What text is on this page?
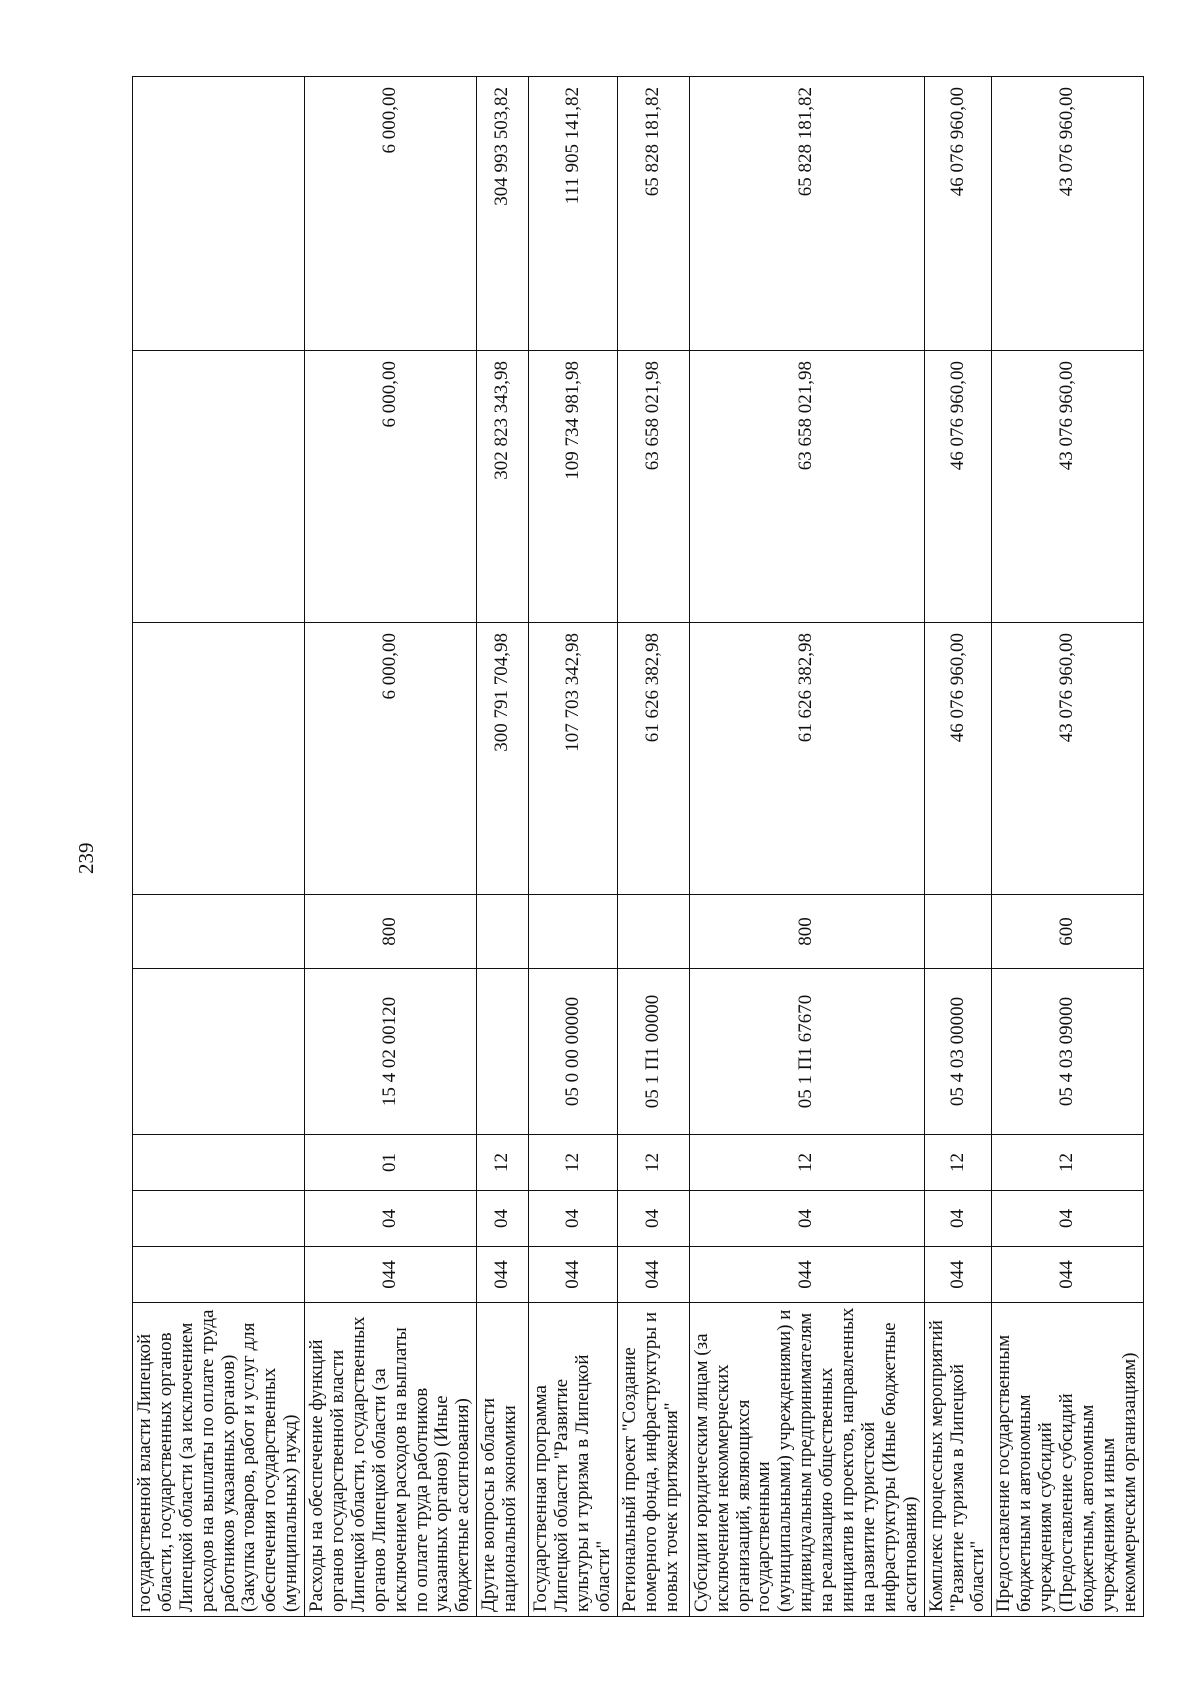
239
государственной власти Липецкой области, государственных органов Липецкой области (за исключением расходов на выплаты по оплате труда работников указанных органов) (Закупка товаров, работ и услуг для обеспечения государственных (муниципальных) нужд)								
Расходы на обеспечение функций органов государственной власти Липецкой области, государственных органов Липецкой области (за исключением расходов на выплаты по оплате труда работников указанных органов) (Иные бюджетные ассигнования)	044	04	01	15 4 02 00120	800	6 000,00	6 000,00	6 000,00
Другие вопросы в области национальной экономики	044	04	12			300 791 704,98	302 823 343,98	304 993 503,82
Государственная программа Липецкой области "Развитие культуры и туризма в Липецкой области"	044	04	12	05 0 00 00000		107 703 342,98	109 734 981,98	111 905 141,82
Региональный проект "Создание номерного фонда, инфраструктуры и новых точек притяжения"	044	04	12	05 1 П1 00000		61 626 382,98	63 658 021,98	65 828 181,82
Субсидии юридическим лицам (за исключением некоммерческих организаций, являющихся государственными (муниципальными) учреждениями) и индивидуальным предпринимателям на реализацию общественных инициатив и проектов, направленных на развитие туристской инфраструктуры (Иные бюджетные ассигнования)	044	04	12	05 1 П1 67670	800	61 626 382,98	63 658 021,98	65 828 181,82
Комплекс процессных мероприятий "Развитие туризма в Липецкой области"	044	04	12	05 4 03 00000		46 076 960,00	46 076 960,00	46 076 960,00
Предоставление государственным бюджетным и автономным учреждениям субсидий (Предоставление субсидий бюджетным, автономным учреждениям и иным некоммерческим организациям)	044	04	12	05 4 03 09000	600	43 076 960,00	43 076 960,00	43 076 960,00
